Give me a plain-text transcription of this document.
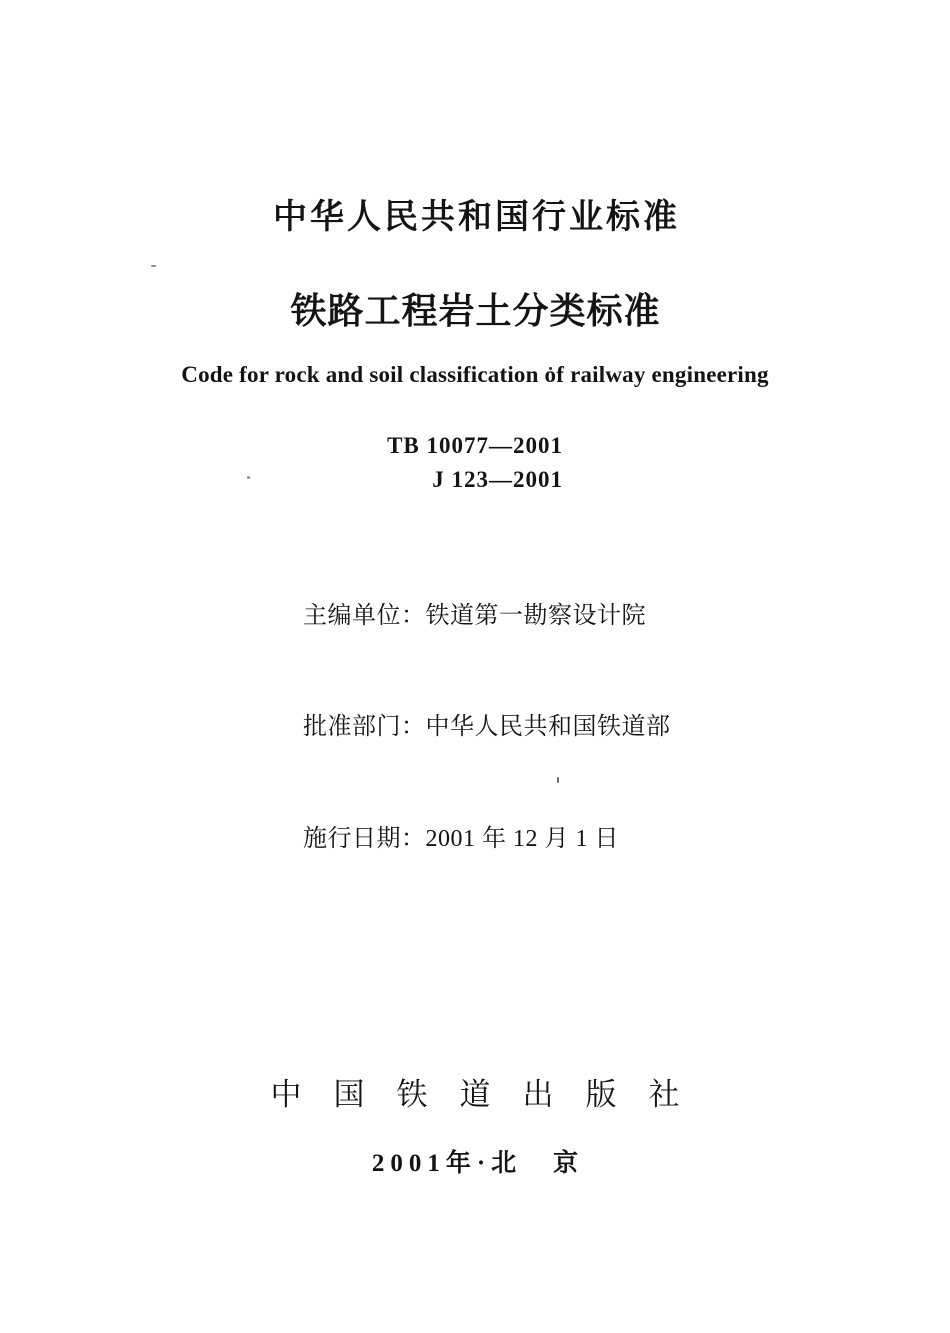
中华人民共和国行业标准
铁路工程岩土分类标准
Code for rock and soil classification of railway engineering
TB 10077—2001
J 123—2001

主编单位：铁道第一勘察设计院

批准部门：中华人民共和国铁道部

施行日期：2001 年 12 月 1 日

中国铁道出版社
2001年·北　京
